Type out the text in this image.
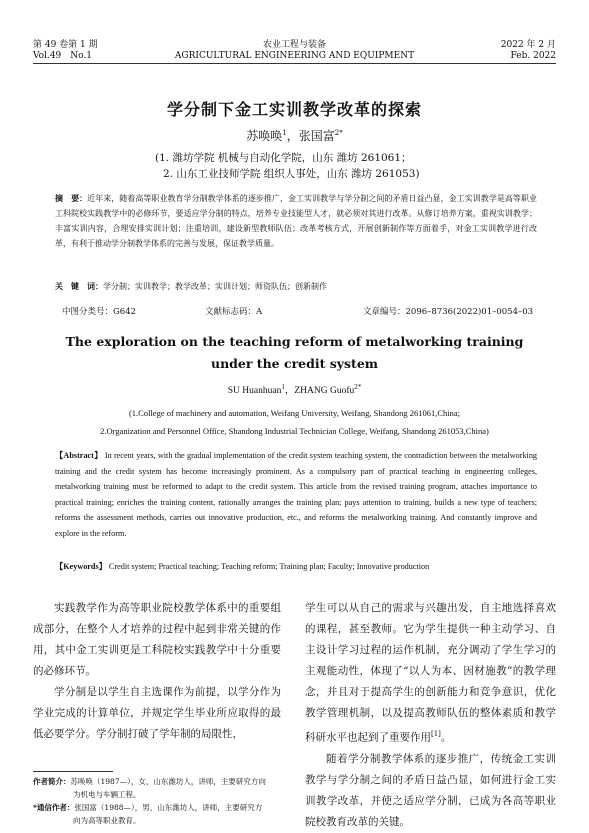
第 49 卷第 1 期
Vol.49　No.1
农业工程与装备
AGRICULTURAL ENGINEERING AND EQUIPMENT
2022 年 2 月
Feb. 2022
学分制下金工实训教学改革的探索
苏唤唤$^1$，张国富$^{2*}$
(1. 潍坊学院 机械与自动化学院，山东 潍坊 261061；
2. 山东工业技师学院 组织人事处，山东 潍坊 261053)
摘　要：近年来，随着高等职业教育学分制教学体系的逐步推广，金工实训教学与学分制之间的矛盾日益凸显，金工实训教学是高等职业工科院校实践教学中的必修环节，要适应学分制的特点，培养专业技能型人才，就必须对其进行改革。从修订培养方案，重视实训教学；丰富实训内容，合理安排实训计划；注重培训，建设新型教师队伍；改革考核方式，开展创新制作等方面着手，对金工实训教学进行改革，有利于推动学分制教学体系的完善与发展，保证教学质量。
关　键　词：学分制；实训教学；教学改革；实训计划；师资队伍；创新制作
中图分类号：G642	文献标志码：A	文章编号：2096–8736(2022)01–0054–03
The exploration on the teaching reform of metalworking training
under the credit system
SU Huanhuan$^1$，ZHANG Guofu$^{2*}$
(1.College of machinery and automation, Weifang University, Weifang, Shandong 261061,China;
2.Organization and Personnel Office, Shandong Industrial Technician College, Weifang, Shandong 261053,China)
【Abstract】 In recent years, with the gradual implementation of the credit system teaching system, the contradiction between the metalworking training and the credit system has become increasingly prominent. As a compulsory part of practical teaching in engineering colleges, metalworking training must be reformed to adapt to the credit system. This article from the revised training program, attaches importance to practical training; enriches the training content, rationally arranges the training plan; pays attention to training, builds a new type of teachers; reforms the assessment methods, carries out innovative production, etc., and reforms the metalworking training. And constantly improve and explore in the reform.
【Keywords】 Credit system; Practical teaching; Teaching reform; Training plan; Faculty; Innovative production

实践教学作为高等职业院校教学体系中的重要组成部分，在整个人才培养的过程中起到非常关键的作用，其中金工实训更是工科院校实践教学中十分重要的必修环节。

学分制是以学生自主选课作为前提，以学分作为学业完成的计算单位，并规定学生毕业所应取得的最低必要学分。学分制打破了学年制的局限性，

学生可以从自己的需求与兴趣出发，自主地选择喜欢的课程，甚至教师。它为学生提供一种主动学习、自主设计学习过程的运作机制，充分调动了学生学习的主观能动性，体现了“以人为本、因材施教”的教学理念，并且对于提高学生的创新能力和竞争意识，优化教学管理机制，以及提高教师队伍的整体素质和教学科研水平也起到了重要作用[1]。

随着学分制教学体系的逐步推广，传统金工实训教学与学分制之间的矛盾日益凸显，如何进行金工实训教学改革，并使之适应学分制，已成为各高等职业院校教育改革的关键。

作者简介：苏唤唤（1987—），女，山东潍坊人，讲师，主要研究方向
为机电与车辆工程。
*通信作者：张国富（1988—），男，山东潍坊人，讲师，主要研究方
向为高等职业教育。
